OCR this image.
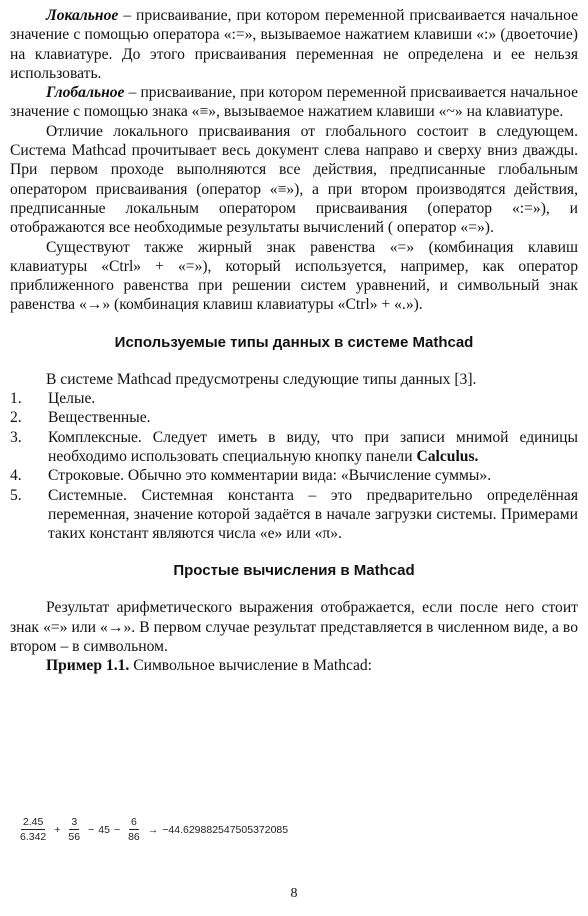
Локальное – присваивание, при котором переменной присваивается начальное значение с помощью оператора «:=», вызываемое нажатием клавиши «:» (двоеточие) на клавиатуре. До этого присваивания переменная не определена и ее нельзя использовать.

Глобальное – присваивание, при котором переменной присваивается начальное значение с помощью знака «≡», вызываемое нажатием клавиши «~» на клавиатуре.

Отличие локального присваивания от глобального состоит в следующем. Система Mathcad прочитывает весь документ слева направо и сверху вниз дважды. При первом проходе выполняются все действия, предписанные глобальным оператором присваивания (оператор «≡»), а при втором производятся действия, предписанные локальным оператором присваивания (оператор «:=»), и отображаются все необходимые результаты вычислений ( оператор «=»).

Существуют также жирный знак равенства «=» (комбинация клавиш клавиатуры «Ctrl» + «=»), который используется, например, как оператор приближенного равенства при решении систем уравнений, и символьный знак равенства «→» (комбинация клавиш клавиатуры «Ctrl» + «.»).

Используемые типы данных в системе Mathcad

В системе Mathcad предусмотрены следующие типы данных [3].

1. Целые.
2. Вещественные.
3. Комплексные. Следует иметь в виду, что при записи мнимой единицы необходимо использовать специальную кнопку панели Calculus.
4. Строковые. Обычно это комментарии вида: «Вычисление суммы».
5. Системные. Системная константа – это предварительно определённая переменная, значение которой задаётся в начале загрузки системы. Примерами таких констант являются числа «e» или «π».

Простые вычисления в Mathcad

Результат арифметического выражения отображается, если после него стоит знак «=» или «→». В первом случае результат представляется в численном виде, а во втором – в символьном.

Пример 1.1. Символьное вычисление в Mathcad:

$\frac{2.45}{6.342} + \frac{3}{56} - 45 - \frac{6}{86} \to -44.629882547505372085$
8
